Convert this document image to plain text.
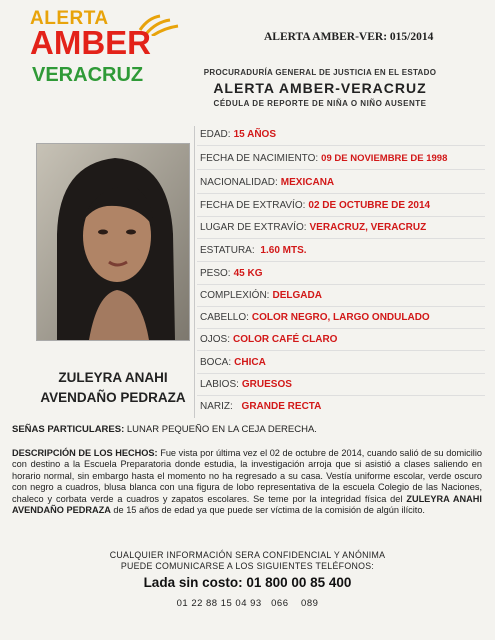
ALERTA
AMBER
VERACRUZ
ALERTA AMBER-VER: 015/2014
PROCURADURÍA GENERAL DE JUSTICIA EN EL ESTADO
ALERTA AMBER-VERACRUZ
CÉDULA DE REPORTE DE NIÑA O NIÑO AUSENTE
ZULEYRA ANAHI
AVENDAÑO PEDRAZA
EDAD: 15 AÑOS
FECHA DE NACIMIENTO: 09 DE NOVIEMBRE DE 1998
NACIONALIDAD: MEXICANA
FECHA DE EXTRAVÍO: 02 DE OCTUBRE DE 2014
LUGAR DE EXTRAVÍO: VERACRUZ, VERACRUZ
ESTATURA: 1.60 MTS.
PESO: 45 KG
COMPLEXIÓN: DELGADA
CABELLO: COLOR NEGRO, LARGO ONDULADO
OJOS: COLOR CAFÉ CLARO
BOCA: CHICA
LABIOS: GRUESOS
NARIZ: GRANDE RECTA
SEÑAS PARTICULARES: LUNAR PEQUEÑO EN LA CEJA DERECHA.
DESCRIPCIÓN DE LOS HECHOS: Fue vista por última vez el 02 de octubre de 2014, cuando salió de su domicilio con destino a la Escuela Preparatoria donde estudia, la investigación arroja que si asistió a clases saliendo en horario normal, sin embargo hasta el momento no ha regresado a su casa. Vestía uniforme escolar, verde oscuro con negro a cuadros, blusa blanca con una figura de lobo representativa de la escuela Colegio de las Naciones, chaleco y corbata verde a cuadros y zapatos escolares. Se teme por la integridad física del ZULEYRA ANAHI AVENDAÑO PEDRAZA de 15 años de edad ya que puede ser víctima de la comisión de algún ilícito.
CUALQUIER INFORMACIÓN SERA CONFIDENCIAL Y ANÓNIMA
PUEDE COMUNICARSE A LOS SIGUIENTES TELÉFONOS:
Lada sin costo: 01 800 00 85 400
01 22 88 15 04 93   066    089
